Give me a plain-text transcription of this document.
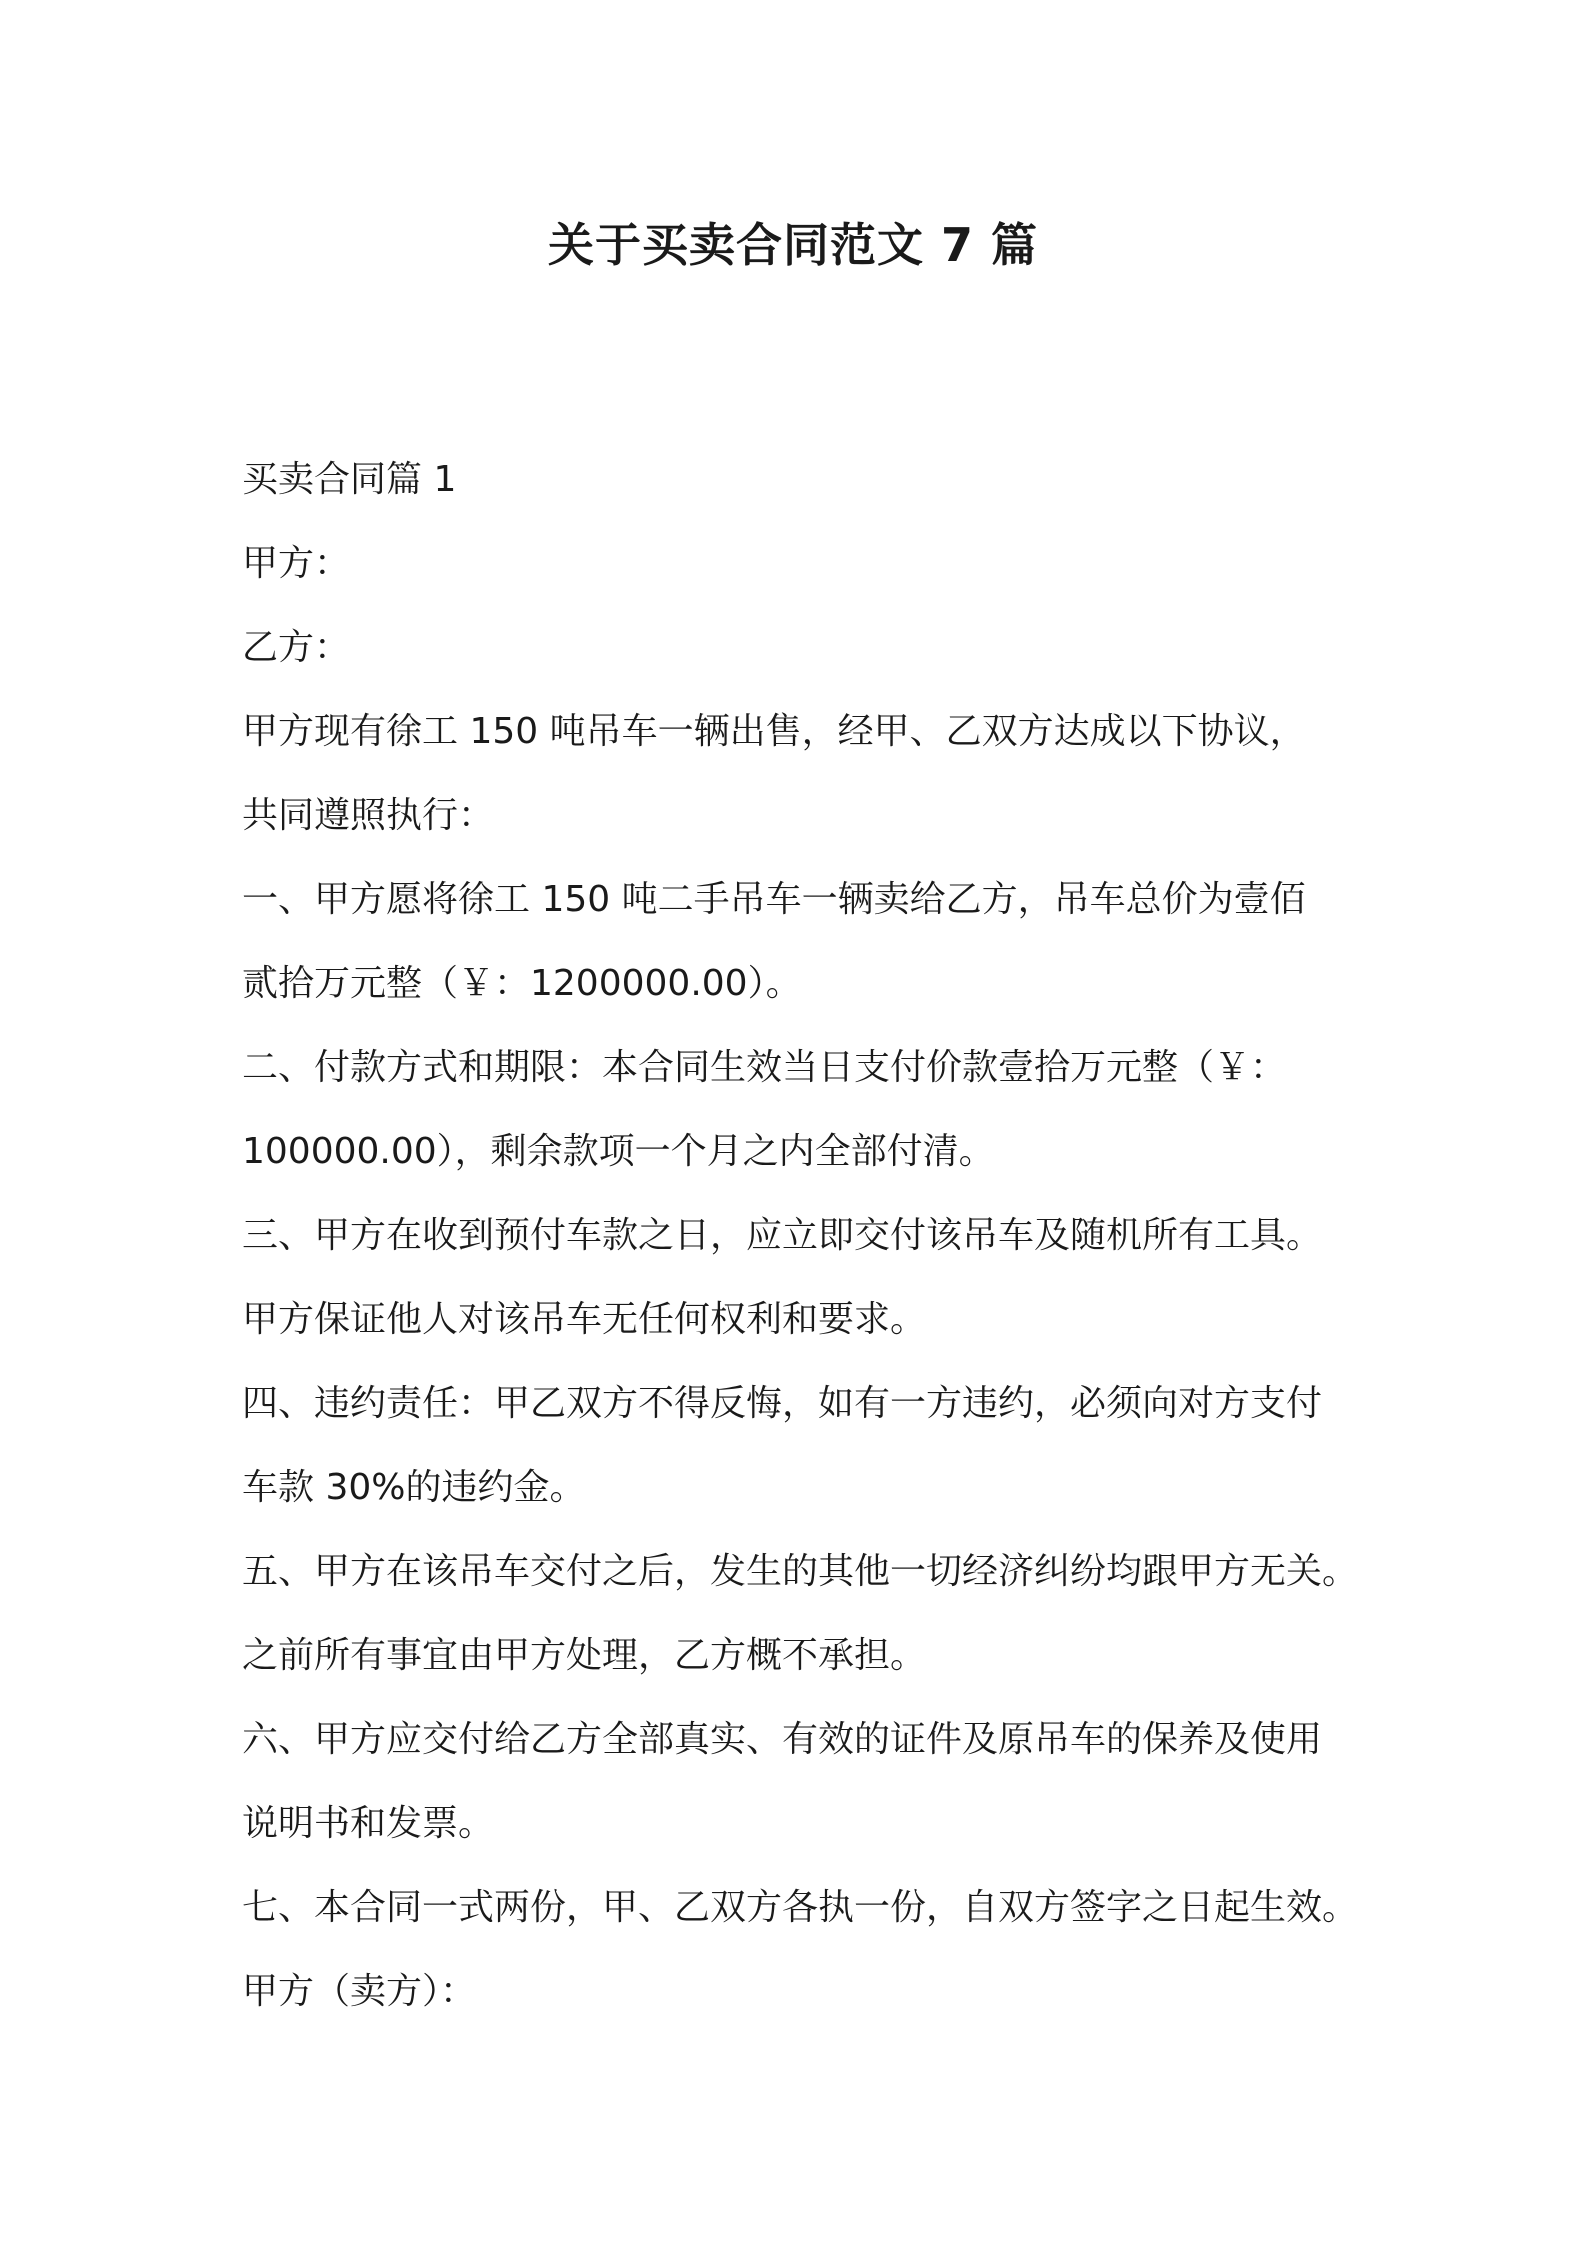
关于买卖合同范文 7 篇

买卖合同篇 1

甲方：

乙方：

甲方现有徐工 150 吨吊车一辆出售，经甲、乙双方达成以下协议，

共同遵照执行：

一、甲方愿将徐工 150 吨二手吊车一辆卖给乙方，吊车总价为壹佰

贰拾万元整（￥：1200000.00）。

二、付款方式和期限：本合同生效当日支付价款壹拾万元整（￥：

100000.00），剩余款项一个月之内全部付清。

三、甲方在收到预付车款之日，应立即交付该吊车及随机所有工具。

甲方保证他人对该吊车无任何权利和要求。

四、违约责任：甲乙双方不得反悔，如有一方违约，必须向对方支付

车款 30%的违约金。

五、甲方在该吊车交付之后，发生的其他一切经济纠纷均跟甲方无关。

之前所有事宜由甲方处理，乙方概不承担。

六、甲方应交付给乙方全部真实、有效的证件及原吊车的保养及使用

说明书和发票。

七、本合同一式两份，甲、乙双方各执一份，自双方签字之日起生效。

甲方（卖方）：
